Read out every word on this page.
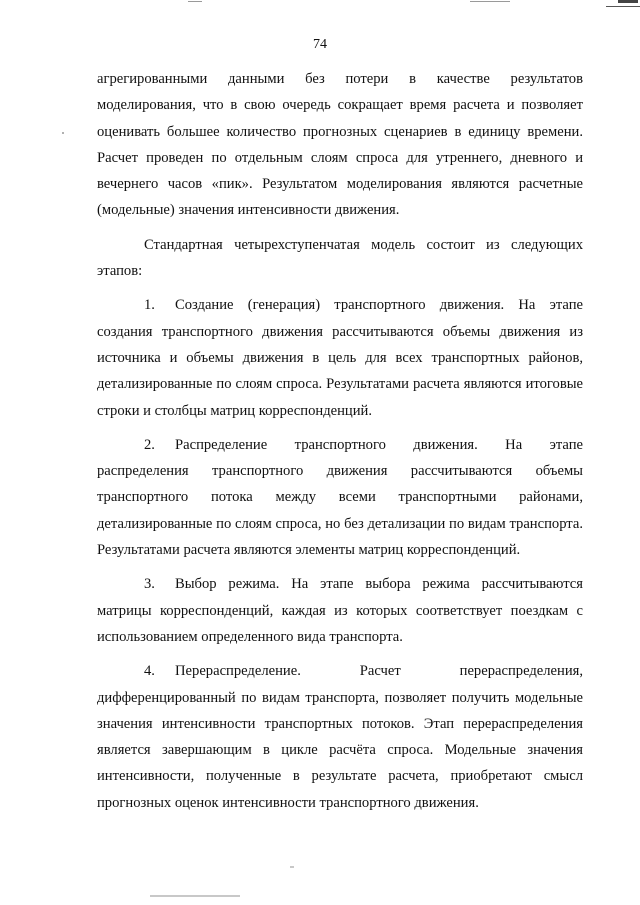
74

агрегированными данными без потери в качестве результатов моделирования, что в свою очередь сокращает время расчета и позволяет оценивать большее количество прогнозных сценариев в единицу времени. Расчет проведен по отдельным слоям спроса для утреннего, дневного и вечернего часов «пик». Результатом моделирования являются расчетные (модельные) значения интенсивности движения.

Стандартная четырехступенчатая модель состоит из следующих этапов:

1. Создание (генерация) транспортного движения. На этапе создания транспортного движения рассчитываются объемы движения из источника и объемы движения в цель для всех транспортных районов, детализированные по слоям спроса. Результатами расчета являются итоговые строки и столбцы матриц корреспонденций.

2. Распределение транспортного движения. На этапе распределения транспортного движения рассчитываются объемы транспортного потока между всеми транспортными районами, детализированные по слоям спроса, но без детализации по видам транспорта. Результатами расчета являются элементы матриц корреспонденций.

3. Выбор режима. На этапе выбора режима рассчитываются матрицы корреспонденций, каждая из которых соответствует поездкам с использованием определенного вида транспорта.

4. Перераспределение. Расчет перераспределения, дифференцированный по видам транспорта, позволяет получить модельные значения интенсивности транспортных потоков. Этап перераспределения является завершающим в цикле расчёта спроса. Модельные значения интенсивности, полученные в результате расчета, приобретают смысл прогнозных оценок интенсивности транспортного движения.
